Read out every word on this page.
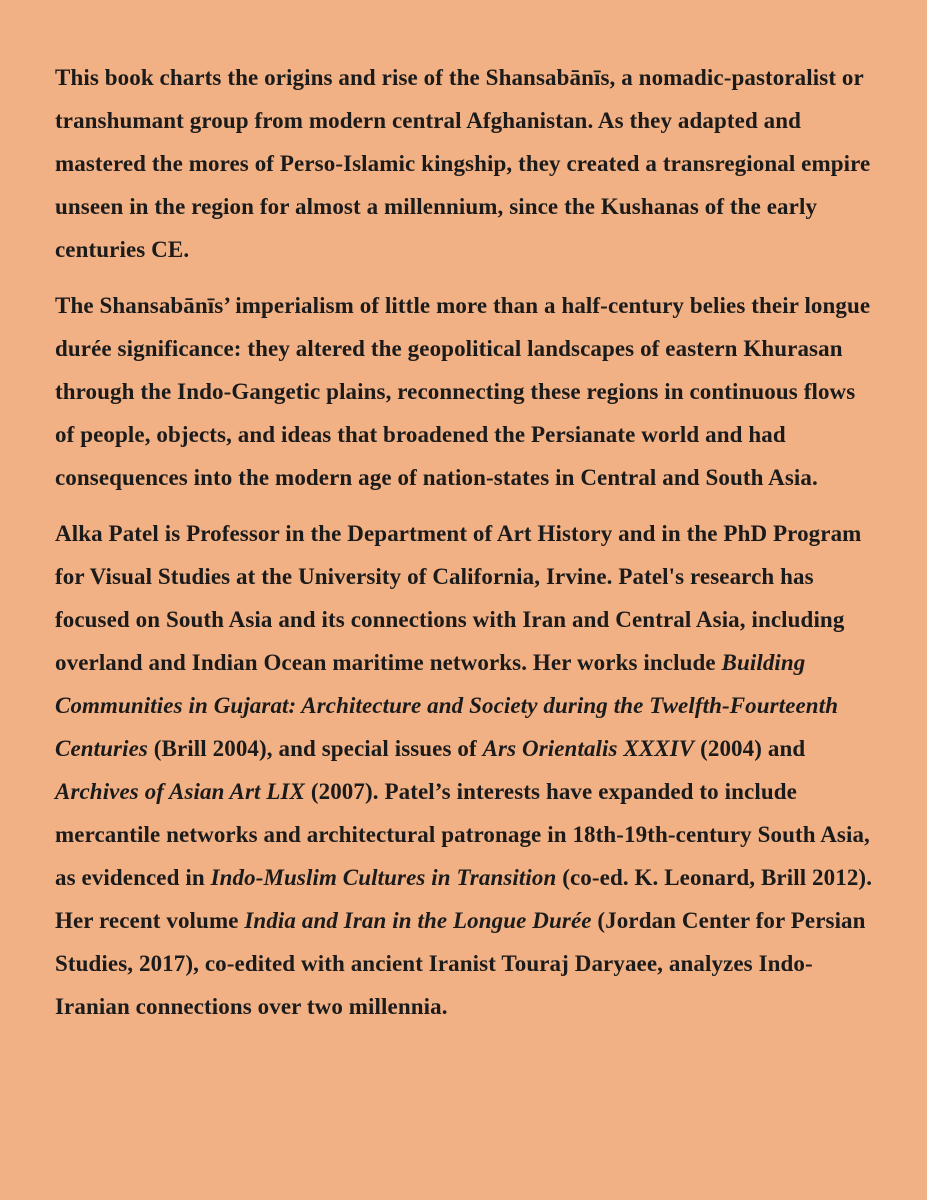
This book charts the origins and rise of the Shansabānīs, a nomadic-pastoralist or transhumant group from modern central Afghanistan. As they adapted and mastered the mores of Perso-Islamic kingship, they created a transregional empire unseen in the region for almost a millennium, since the Kushanas of the early centuries CE.

The Shansabānīs’ imperialism of little more than a half-century belies their longue durée significance: they altered the geopolitical landscapes of eastern Khurasan through the Indo-Gangetic plains, reconnecting these regions in continuous flows of people, objects, and ideas that broadened the Persianate world and had consequences into the modern age of nation-states in Central and South Asia.

Alka Patel is Professor in the Department of Art History and in the PhD Program for Visual Studies at the University of California, Irvine. Patel's research has focused on South Asia and its connections with Iran and Central Asia, including overland and Indian Ocean maritime networks. Her works include Building Communities in Gujarat: Architecture and Society during the Twelfth-Fourteenth Centuries (Brill 2004), and special issues of Ars Orientalis XXXIV (2004) and Archives of Asian Art LIX (2007). Patel’s interests have expanded to include mercantile networks and architectural patronage in 18th-19th-century South Asia, as evidenced in Indo-Muslim Cultures in Transition (co-ed. K. Leonard, Brill 2012). Her recent volume India and Iran in the Longue Durée (Jordan Center for Persian Studies, 2017), co-edited with ancient Iranist Touraj Daryaee, analyzes Indo-Iranian connections over two millennia.
